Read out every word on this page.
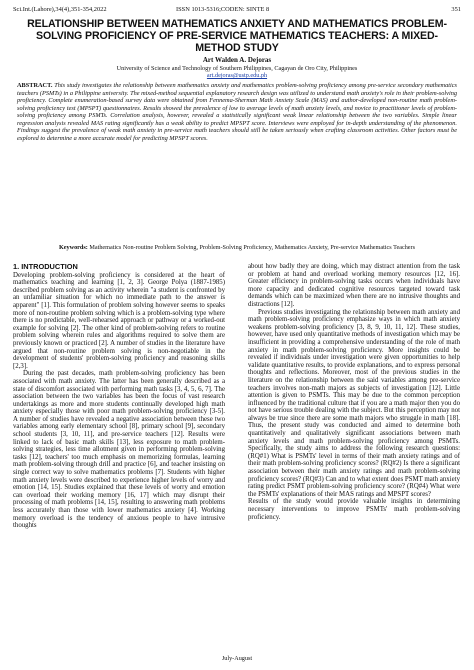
Sci.Int.(Lahore),34(4),351-354,2022	ISSN 1013-5316;CODEN: SINTE 8	351
RELATIONSHIP BETWEEN MATHEMATICS ANXIETY AND MATHEMATICS PROBLEM-SOLVING PROFICIENCY OF PRE-SERVICE MATHEMATICS TEACHERS: A MIXED-METHOD STUDY
Art Walden A. Dejoras
University of Science and Technology of Southern Philippines, Cagayan de Oro City, Philippines
art.dejoras@ustp.edu.ph
ABSTRACT. This study investigates the relationship between mathematics anxiety and mathematics problem-solving proficiency among pre-service secondary mathematics teachers (PSMTs) in a Philippine university. The mixed-method sequential explanatory research design was utilized to understand math anxiety's role in their problem-solving proficiency. Complete enumeration-based survey data were obtained from Fennema-Sherman Math Anxiety Scale (MAS) and author-developed non-routine math problem-solving proficiency test (MPSPT) questionnaires. Results showed the prevalence of low to average levels of math anxiety levels, and novice to practitioner levels of problem-solving proficiency among PSMTs. Correlation analysis, however, revealed a statistically significant weak linear relationship between the two variables. Simple linear regression analysis revealed MAS rating significantly has a weak ability to predict MPSPT score. Interviews were employed for in-depth understanding of the phenomenon. Findings suggest the prevalence of weak math anxiety in pre-service math teachers should still be taken seriously when crafting classroom activities. Other factors must be explored to determine a more accurate model for predicting MPSPT scores.
Keywords: Mathematics Non-routine Problem Solving, Problem-Solving Proficiency, Mathematics Anxiety, Pre-service Mathematics Teachers
1. INTRODUCTION

Developing problem-solving proficiency is considered at the heart of mathematics teaching and learning [1, 2, 3]. George Polya (1887-1985) described problem solving as an activity wherein "a student is confronted by an unfamiliar situation for which no immediate path to the answer is apparent" [1]. This formulation of problem solving however seems to speaks more of non-routine problem solving which is a problem-solving type where there is no predictable, well-rehearsed approach or pathway or a worked-out example for solving [2]. The other kind of problem-solving refers to routine problem solving wherein rules and algorithms required to solve them are previously known or practiced [2]. A number of studies in the literature have argued that non-routine problem solving is non-negotiable in the development of students' problem-solving proficiency and reasoning skills [2,3].

During the past decades, math problem-solving proficiency has been associated with math anxiety. The latter has been generally described as a state of discomfort associated with performing math tasks [3, 4, 5, 6, 7]. The association between the two variables has been the focus of vast research undertakings as more and more students continually developed high math anxiety especially those with poor math problem-solving proficiency [3-5]. A number of studies have revealed a negative association between these two variables among early elementary school [8], primary school [9], secondary school students [3, 10, 11], and pre-service teachers [12]. Results were linked to lack of basic math skills [13], less exposure to math problem-solving strategies, less time allotment given in performing problem-solving tasks [12], teachers' too much emphasis on memorizing formulas, learning math problem-solving through drill and practice [6], and teacher insisting on single correct way to solve mathematics problems [7]. Students with higher math anxiety levels were described to experience higher levels of worry and emotion [14, 15]. Studies explained that these levels of worry and emotion can overload their working memory [16, 17] which may disrupt their processing of math problems [14, 15], resulting to answering math problems less accurately than those with lower mathematics anxiety [4]. Working memory overload is the tendency of anxious people to have intrusive thoughts

about how badly they are doing, which may distract attention from the task or problem at hand and overload working memory resources [12, 16]. Greater efficiency in problem-solving tasks occurs when individuals have more capacity and dedicated cognitive resources targeted toward task demands which can be maximized when there are no intrusive thoughts and distractions [12].

Previous studies investigating the relationship between math anxiety and math problem-solving proficiency emphasize ways in which math anxiety weakens problem-solving proficiency [3, 8, 9, 10, 11, 12]. These studies, however, have used only quantitative methods of investigation which may be insufficient in providing a comprehensive understanding of the role of math anxiety in math problem-solving proficiency. More insights could be revealed if individuals under investigation were given opportunities to help validate quantitative results, to provide explanations, and to express personal thoughts and reflections. Moreover, most of the previous studies in the literature on the relationship between the said variables among pre-service teachers involves non-math majors as subjects of investigation [12]. Little attention is given to PSMTs. This may be due to the common perception influenced by the traditional culture that if you are a math major then you do not have serious trouble dealing with the subject. But this perception may not always be true since there are some math majors who struggle in math [18]. Thus, the present study was conducted and aimed to determine both quantitatively and qualitatively significant associations between math anxiety levels and math problem-solving proficiency among PSMTs. Specifically, the study aims to address the following research questions: (RQ#1) What is PSMTs' level in terms of their math anxiety ratings and of their math problem-solving proficiency scores? (RQ#2) Is there a significant association between their math anxiety ratings and math problem-solving proficiency scores? (RQ#3) Can and to what extent does PSMT math anxiety rating predict PSMT problem-solving proficiency score? (RQ#4) What were the PSMTs' explanations of their MAS ratings and MPSPT scores?

Results of the study would provide valuable insights in determining necessary interventions to improve PSMTs' math problem-solving proficiency.

July-August
